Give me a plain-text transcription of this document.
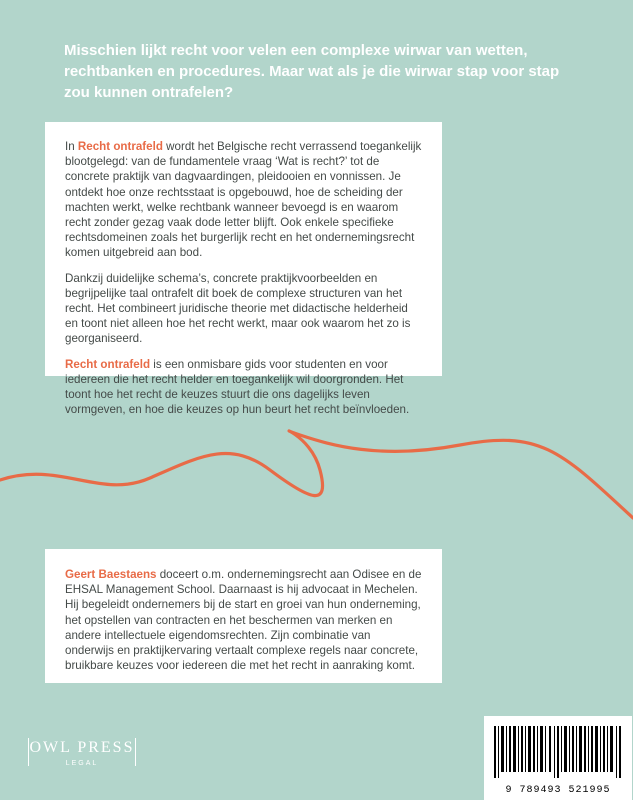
Misschien lijkt recht voor velen een complexe wirwar van wetten, rechtbanken en procedures. Maar wat als je die wirwar stap voor stap zou kunnen ontrafelen?

In Recht ontrafeld wordt het Belgische recht verrassend toegankelijk blootgelegd: van de fundamentele vraag ‘Wat is recht?’ tot de concrete praktijk van dagvaardingen, pleidooien en vonnissen. Je ontdekt hoe onze rechtsstaat is opgebouwd, hoe de scheiding der machten werkt, welke rechtbank wanneer bevoegd is en waarom recht zonder gezag vaak dode letter blijft. Ook enkele specifieke rechtsdomeinen zoals het burgerlijk recht en het ondernemingsrecht komen uitgebreid aan bod.

Dankzij duidelijke schema’s, concrete praktijkvoorbeelden en begrijpelijke taal ontrafelt dit boek de complexe structuren van het recht. Het combineert juridische theorie met didactische helderheid en toont niet alleen hoe het recht werkt, maar ook waarom het zo is georganiseerd.

Recht ontrafeld is een onmisbare gids voor studenten en voor iedereen die het recht helder en toegankelijk wil doorgronden. Het toont hoe het recht de keuzes stuurt die ons dagelijks leven vormgeven, en hoe die keuzes op hun beurt het recht beïnvloeden.

Geert Baestaens doceert o.m. ondernemingsrecht aan Odisee en de EHSAL Management School. Daarnaast is hij advocaat in Mechelen. Hij begeleidt ondernemers bij de start en groei van hun onderneming, het opstellen van contracten en het beschermen van merken en andere intellectuele eigendomsrechten. Zijn combinatie van onderwijs en praktijkervaring vertaalt complexe regels naar concrete, bruikbare keuzes voor iedereen die met het recht in aanraking komt.

OWL PRESS
LEGAL
9 789493 521995
